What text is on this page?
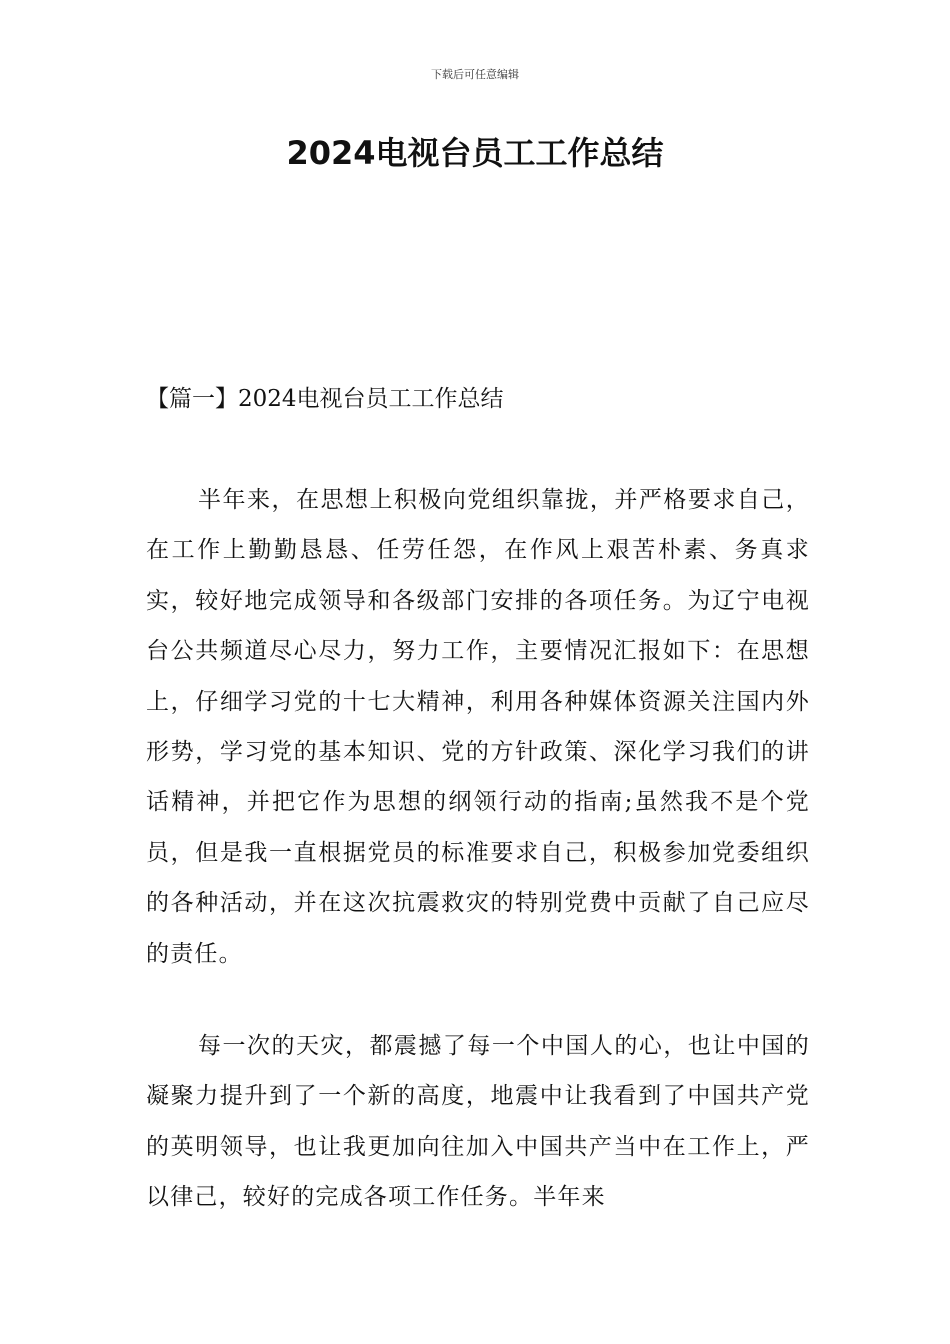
下载后可任意编辑
2024电视台员工工作总结
【篇一】2024电视台员工工作总结

半年来，在思想上积极向党组织靠拢，并严格要求自己，在工作上勤勤恳恳、任劳任怨，在作风上艰苦朴素、务真求实，较好地完成领导和各级部门安排的各项任务。为辽宁电视台公共频道尽心尽力，努力工作，主要情况汇报如下：在思想上，仔细学习党的十七大精神，利用各种媒体资源关注国内外形势，学习党的基本知识、党的方针政策、深化学习我们的讲话精神，并把它作为思想的纲领行动的指南;虽然我不是个党员，但是我一直根据党员的标准要求自己，积极参加党委组织的各种活动，并在这次抗震救灾的特别党费中贡献了自己应尽的责任。

每一次的天灾，都震撼了每一个中国人的心，也让中国的凝聚力提升到了一个新的高度，地震中让我看到了中国共产党的英明领导，也让我更加向往加入中国共产当中在工作上，严以律己，较好的完成各项工作任务。半年来
